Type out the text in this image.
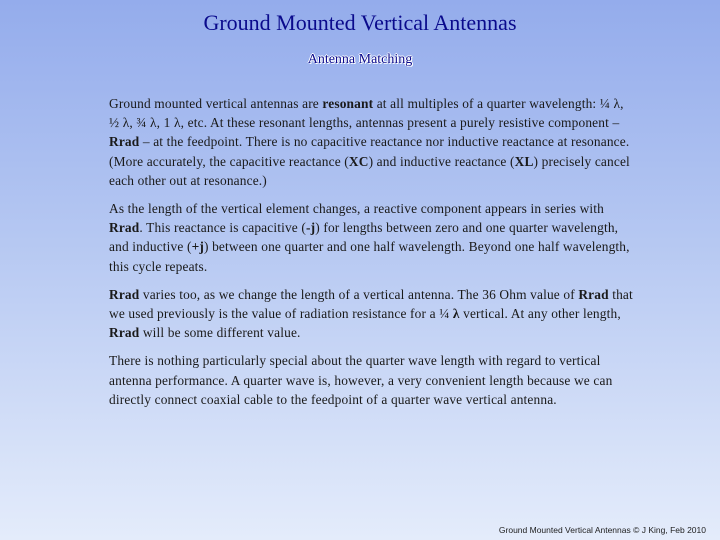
Ground Mounted Vertical Antennas
Antenna Matching

Ground mounted vertical antennas are resonant at all multiples of a quarter wavelength: ¼ λ, ½ λ, ¾ λ, 1 λ, etc. At these resonant lengths, antennas present a purely resistive component – Rrad – at the feedpoint. There is no capacitive reactance nor inductive reactance at resonance. (More accurately, the capacitive reactance (XC) and inductive reactance (XL) precisely cancel each other out at resonance.)

As the length of the vertical element changes, a reactive component appears in series with Rrad. This reactance is capacitive (-j) for lengths between zero and one quarter wavelength, and inductive (+j) between one quarter and one half wavelength. Beyond one half wavelength, this cycle repeats.

Rrad varies too, as we change the length of a vertical antenna. The 36 Ohm value of Rrad that we used previously is the value of radiation resistance for a ¼ λ vertical. At any other length, Rrad will be some different value.

There is nothing particularly special about the quarter wave length with regard to vertical antenna performance. A quarter wave is, however, a very convenient length because we can directly connect coaxial cable to the feedpoint of a quarter wave vertical antenna.

Ground Mounted Vertical Antennas © J King, Feb 2010
